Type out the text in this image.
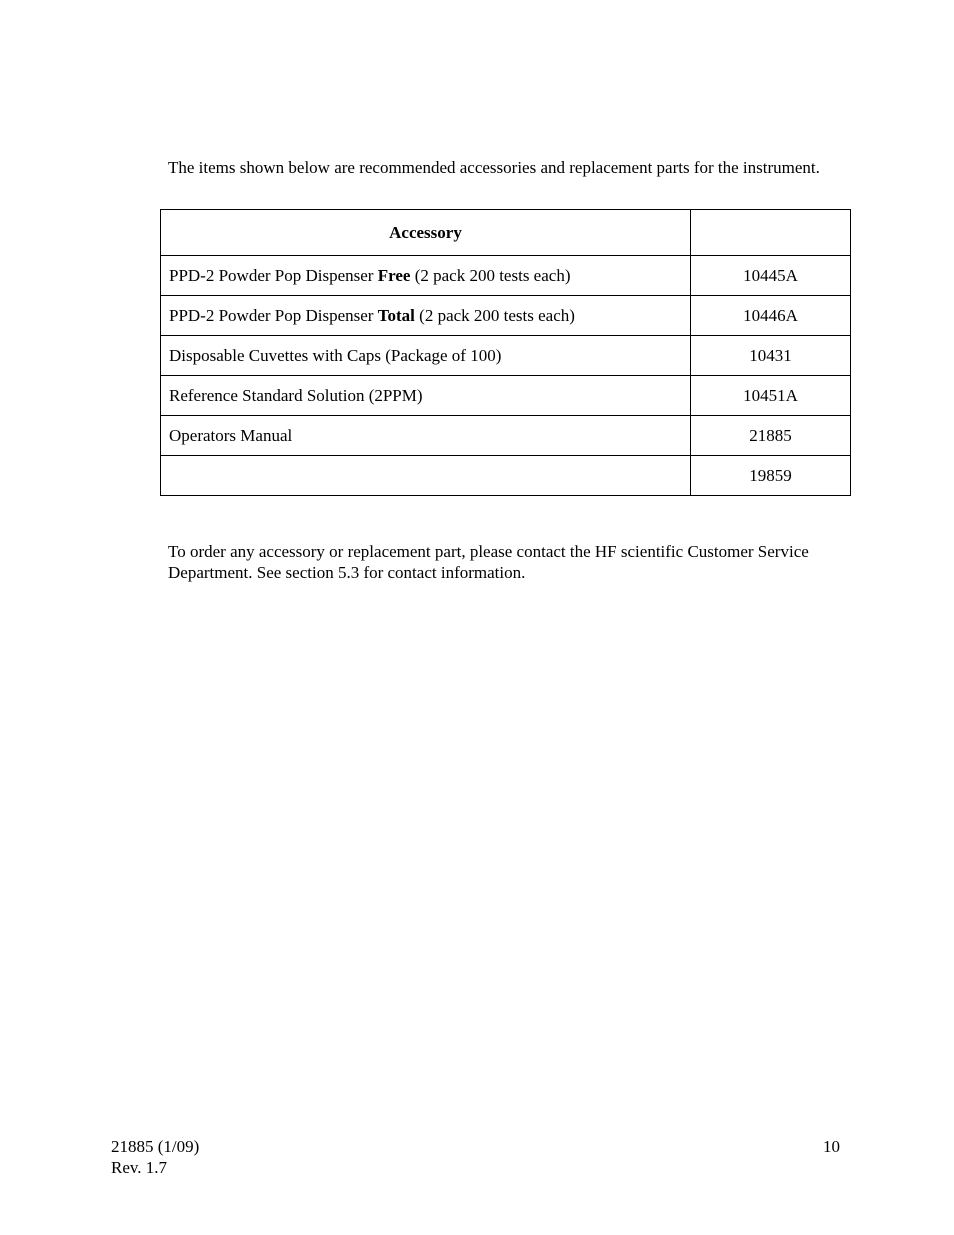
The items shown below are recommended accessories and replacement parts for the instrument.

Accessory	
PPD-2 Powder Pop Dispenser Free (2 pack 200 tests each)	10445A
PPD-2 Powder Pop Dispenser Total (2 pack 200 tests each)	10446A
Disposable Cuvettes with Caps (Package of 100)	10431
Reference Standard Solution (2PPM)	10451A
Operators Manual	21885
	19859

To order any accessory or replacement part, please contact the HF scientific Customer Service Department. See section 5.3 for contact information.

21885 (1/09)
Rev. 1.7
10
